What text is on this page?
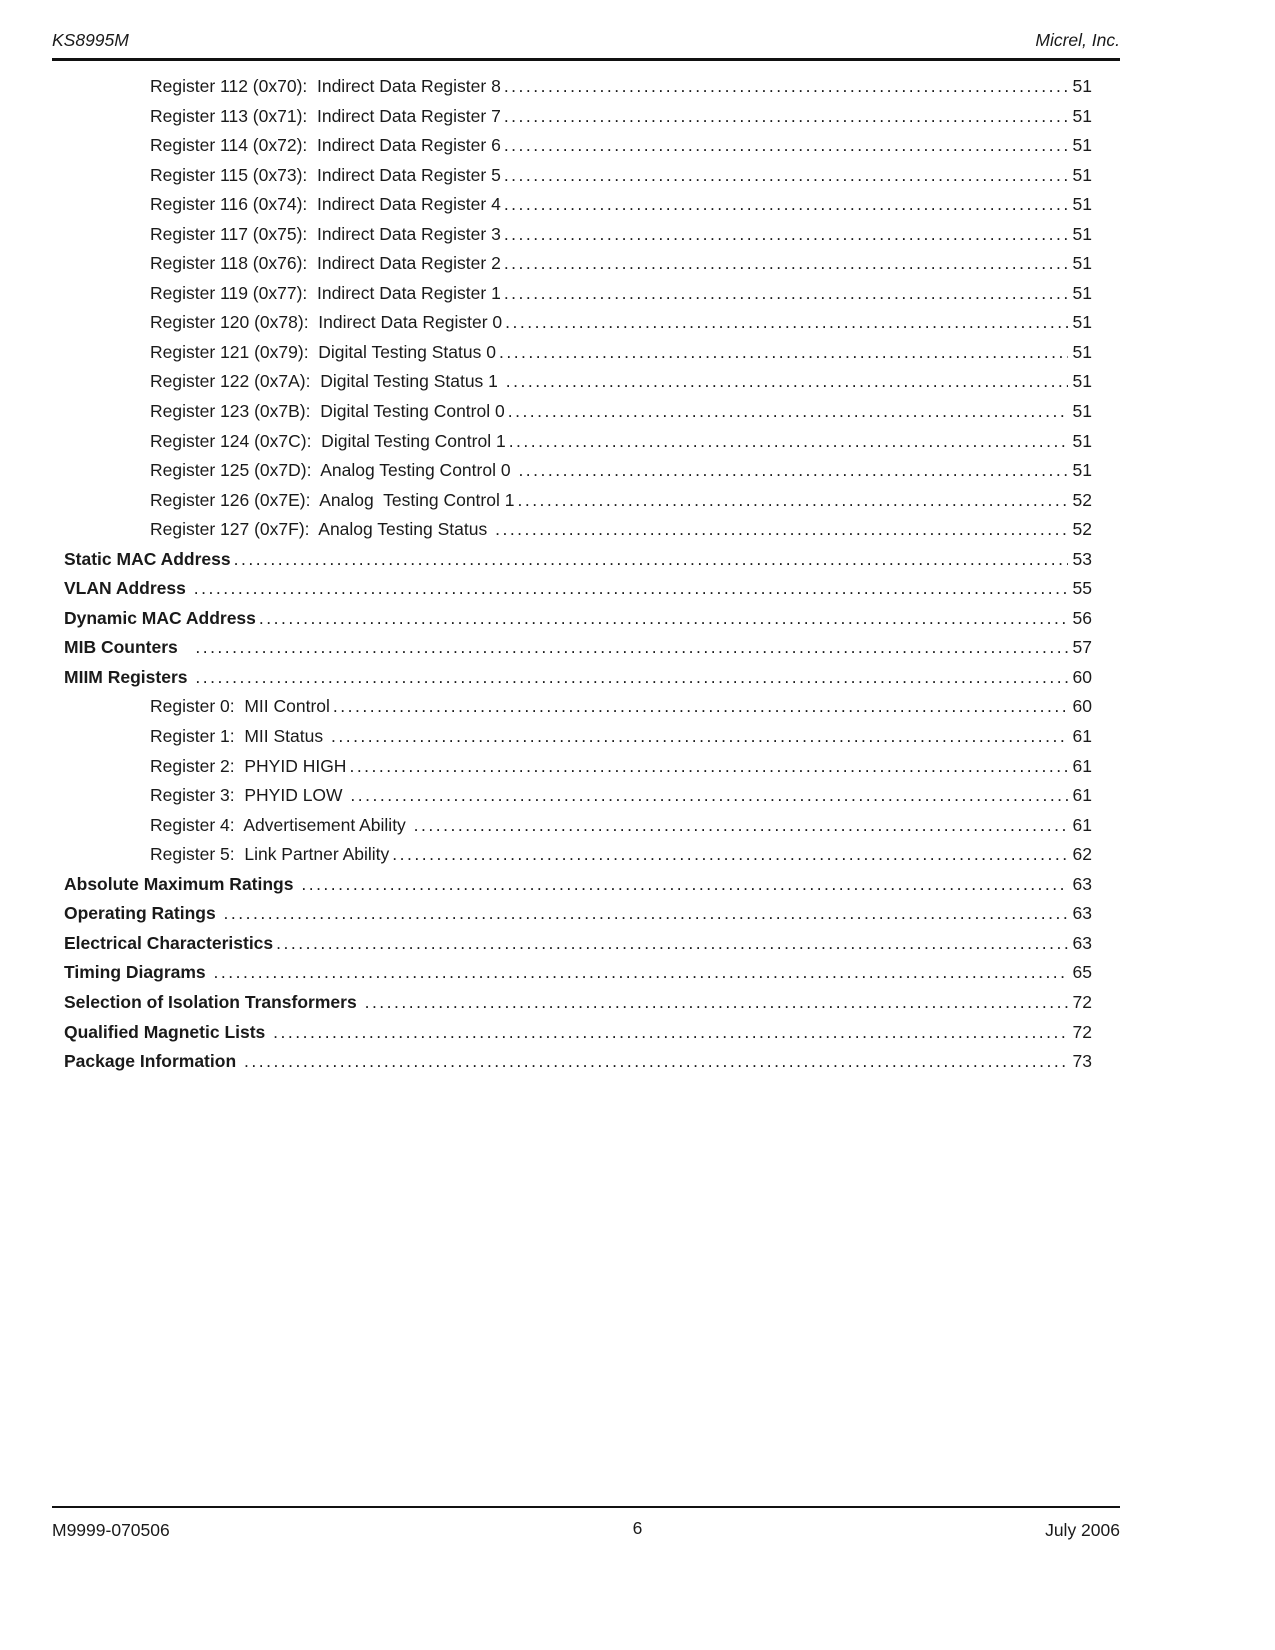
KS8995M	Micrel, Inc.
Register 112 (0x70):  Indirect Data Register 8 .....	51
Register 113 (0x71):  Indirect Data Register 7 .....	51
Register 114 (0x72):  Indirect Data Register 6 .....	51
Register 115 (0x73):  Indirect Data Register 5 .....	51
Register 116 (0x74):  Indirect Data Register 4 .....	51
Register 117 (0x75):  Indirect Data Register 3 .....	51
Register 118 (0x76):  Indirect Data Register 2 .....	51
Register 119 (0x77):  Indirect Data Register 1 .....	51
Register 120 (0x78):  Indirect Data Register 0 .....	51
Register 121 (0x79):  Digital Testing Status 0 .....	51
Register 122 (0x7A):  Digital Testing Status 1 .....	51
Register 123 (0x7B):  Digital Testing Control 0 .....	51
Register 124 (0x7C):  Digital Testing Control 1 .....	51
Register 125 (0x7D):  Analog Testing Control 0 .....	51
Register 126 (0x7E):  Analog  Testing Control 1 .....	52
Register 127 (0x7F):  Analog Testing Status .....	52
Static MAC Address .....	53
VLAN Address .....	55
Dynamic MAC Address .....	56
MIB Counters .....	57
MIIM Registers .....	60
Register 0:  MII Control .....	60
Register 1:  MII Status .....	61
Register 2:  PHYID HIGH .....	61
Register 3:  PHYID LOW .....	61
Register 4:  Advertisement Ability .....	61
Register 5:  Link Partner Ability .....	62
Absolute Maximum Ratings .....	63
Operating Ratings .....	63
Electrical Characteristics .....	63
Timing Diagrams .....	65
Selection of Isolation Transformers .....	72
Qualified Magnetic Lists .....	72
Package Information .....	73
M9999-070506	July 2006
6
